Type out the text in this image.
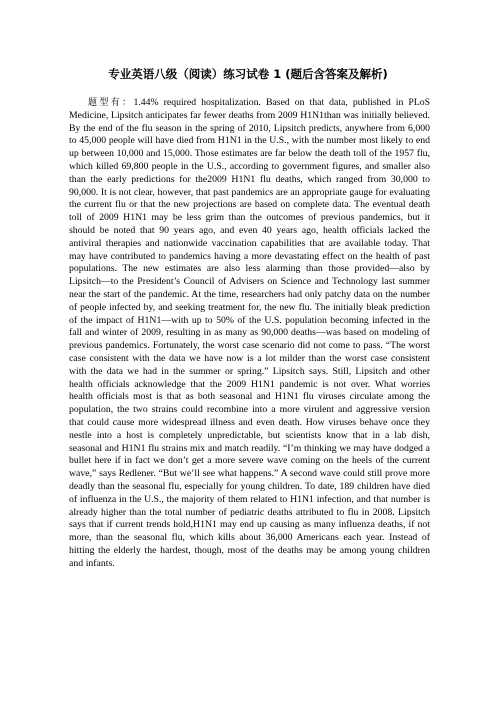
专业英语八级（阅读）练习试卷 1 (题后含答案及解析)
题型有：1.44% required hospitalization. Based on that data, published in PLoS Medicine, Lipsitch anticipates far fewer deaths from 2009 H1N1than was initially believed. By the end of the flu season in the spring of 2010, Lipsitch predicts, anywhere from 6,000 to 45,000 people will have died from H1N1 in the U.S., with the number most likely to end up between 10,000 and 15,000. Those estimates are far below the death toll of the 1957 flu, which killed 69,800 people in the U.S., according to government figures, and smaller also than the early predictions for the2009 H1N1 flu deaths, which ranged from 30,000 to 90,000. It is not clear, however, that past pandemics are an appropriate gauge for evaluating the current flu or that the new projections are based on complete data. The eventual death toll of 2009 H1N1 may be less grim than the outcomes of previous pandemics, but it should be noted that 90 years ago, and even 40 years ago, health officials lacked the antiviral therapies and nationwide vaccination capabilities that are available today. That may have contributed to pandemics having a more devastating effect on the health of past populations. The new estimates are also less alarming than those provided—also by Lipsitch—to the President’s Council of Advisers on Science and Technology last summer near the start of the pandemic. At the time, researchers had only patchy data on the number of people infected by, and seeking treatment for, the new flu. The initially bleak prediction of the impact of H1N1—with up to 50% of the U.S. population becoming infected in the fall and winter of 2009, resulting in as many as 90,000 deaths—was based on modeling of previous pandemics. Fortunately, the worst case scenario did not come to pass. “The worst case consistent with the data we have now is a lot milder than the worst case consistent with the data we had in the summer or spring.” Lipsitch says. Still, Lipsitch and other health officials acknowledge that the 2009 H1N1 pandemic is not over. What worries health officials most is that as both seasonal and H1N1 flu viruses circulate among the population, the two strains could recombine into a more virulent and aggressive version that could cause more widespread illness and even death. How viruses behave once they nestle into a host is completely unpredictable, but scientists know that in a lab dish, seasonal and H1N1 flu strains mix and match readily. “I’m thinking we may have dodged a bullet here if in fact we don’t get a more severe wave coming on the heels of the current wave,” says Redlener. “But we’ll see what happens.” A second wave could still prove more deadly than the seasonal flu, especially for young children. To date, 189 children have died of influenza in the U.S., the majority of them related to H1N1 infection, and that number is already higher than the total number of pediatric deaths attributed to flu in 2008. Lipsitch says that if current trends hold,H1N1 may end up causing as many influenza deaths, if not more, than the seasonal flu, which kills about 36,000 Americans each year. Instead of hitting the elderly the hardest, though, most of the deaths may be among young children and infants.
